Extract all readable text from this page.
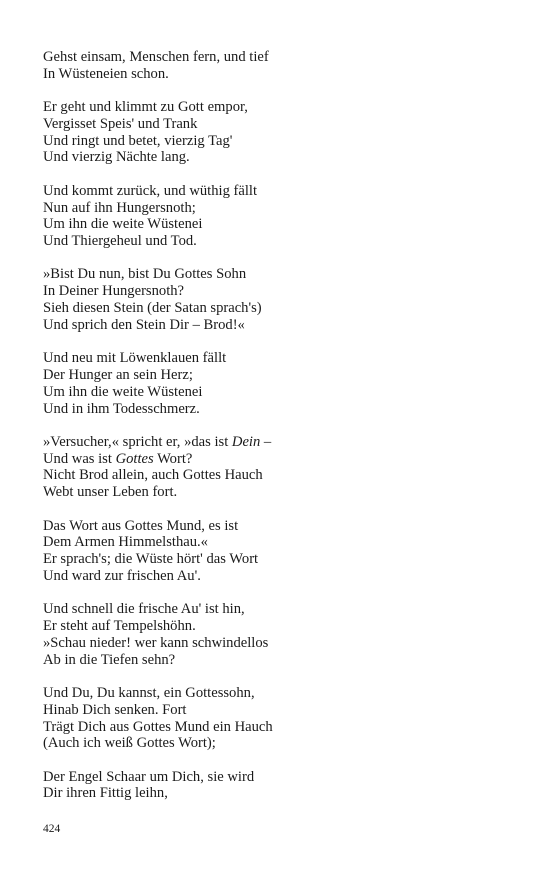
Gehst einsam, Menschen fern, und tief
In Wüsteneien schon.
Er geht und klimmt zu Gott empor,
Vergisset Speis' und Trank
Und ringt und betet, vierzig Tag'
Und vierzig Nächte lang.
Und kommt zurück, und wüthig fällt
Nun auf ihn Hungersnoth;
Um ihn die weite Wüstenei
Und Thiergeheul und Tod.
»Bist Du nun, bist Du Gottes Sohn
In Deiner Hungersnoth?
Sieh diesen Stein (der Satan sprach's)
Und sprich den Stein Dir – Brod!«
Und neu mit Löwenklauen fällt
Der Hunger an sein Herz;
Um ihn die weite Wüstenei
Und in ihm Todesschmerz.
»Versucher,« spricht er, »das ist Dein –
Und was ist Gottes Wort?
Nicht Brod allein, auch Gottes Hauch
Webt unser Leben fort.
Das Wort aus Gottes Mund, es ist
Dem Armen Himmelsthau.«
Er sprach's; die Wüste hört' das Wort
Und ward zur frischen Au'.
Und schnell die frische Au' ist hin,
Er steht auf Tempelshöhn.
»Schau nieder! wer kann schwindellos
Ab in die Tiefen sehn?
Und Du, Du kannst, ein Gottessohn,
Hinab Dich senken. Fort
Trägt Dich aus Gottes Mund ein Hauch
(Auch ich weiß Gottes Wort);
Der Engel Schaar um Dich, sie wird
Dir ihren Fittig leihn,
424
